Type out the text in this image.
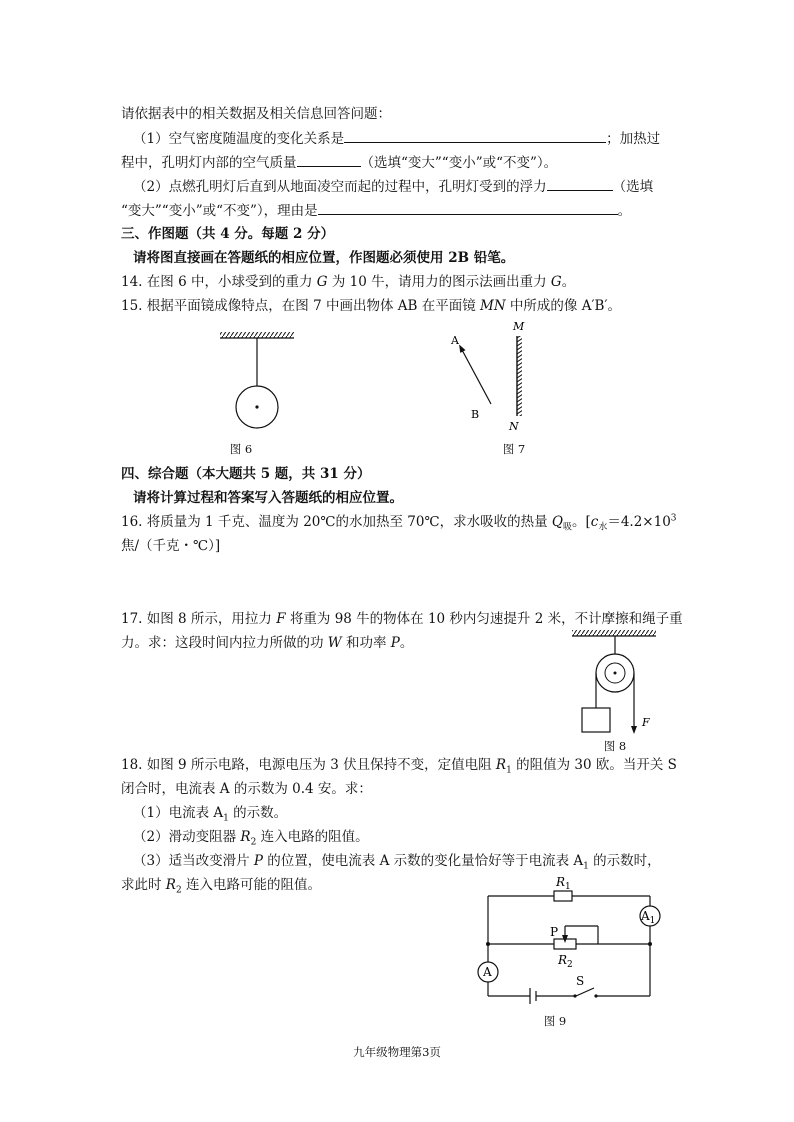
请依据表中的相关数据及相关信息回答问题：
（1）空气密度随温度的变化关系是	；加热过
程中，孔明灯内部的空气质量	（选填“变大”“变小”或“不变”）。
（2）点燃孔明灯后直到从地面凌空而起的过程中，孔明灯受到的浮力	（选填
“变大”“变小”或“不变”），理由是	。
三、作图题（共 4 分。每题 2 分）
请将图直接画在答题纸的相应位置，作图题必须使用 2B 铅笔。
14. 在图 6 中，小球受到的重力 G 为 10 牛，请用力的图示法画出重力 G。
15. 根据平面镜成像特点，在图 7 中画出物体 AB 在平面镜 MN 中所成的像 A′B′。
图 6
A
B
M
N
图 7
四、综合题（本大题共 5 题，共 31 分）
请将计算过程和答案写入答题纸的相应位置。
16. 将质量为 1 千克、温度为 20℃的水加热至 70℃，求水吸收的热量 $Q_吸$。[$c_水=4.2\times 10^3$
焦/（千克・℃）]
17. 如图 8 所示，用拉力 F 将重为 98 牛的物体在 10 秒内匀速提升 2 米，不计摩擦和绳子重
力。求：这段时间内拉力所做的功 W 和功率 P。
F
图 8
18. 如图 9 所示电路，电源电压为 3 伏且保持不变，定值电阻 $R_1$ 的阻值为 30 欧。当开关 S
闭合时，电流表 A 的示数为 0.4 安。求：
（1）电流表 $A_1$ 的示数。
（2）滑动变阻器 $R_2$ 连入电路的阻值。
（3）适当改变滑片 P 的位置，使电流表 A 示数的变化量恰好等于电流表 $A_1$ 的示数时，
求此时 $R_2$ 连入电路可能的阻值。	$R_1$
$A_1$
P
$R_2$
A
S
图 9
九年级物理第3页
